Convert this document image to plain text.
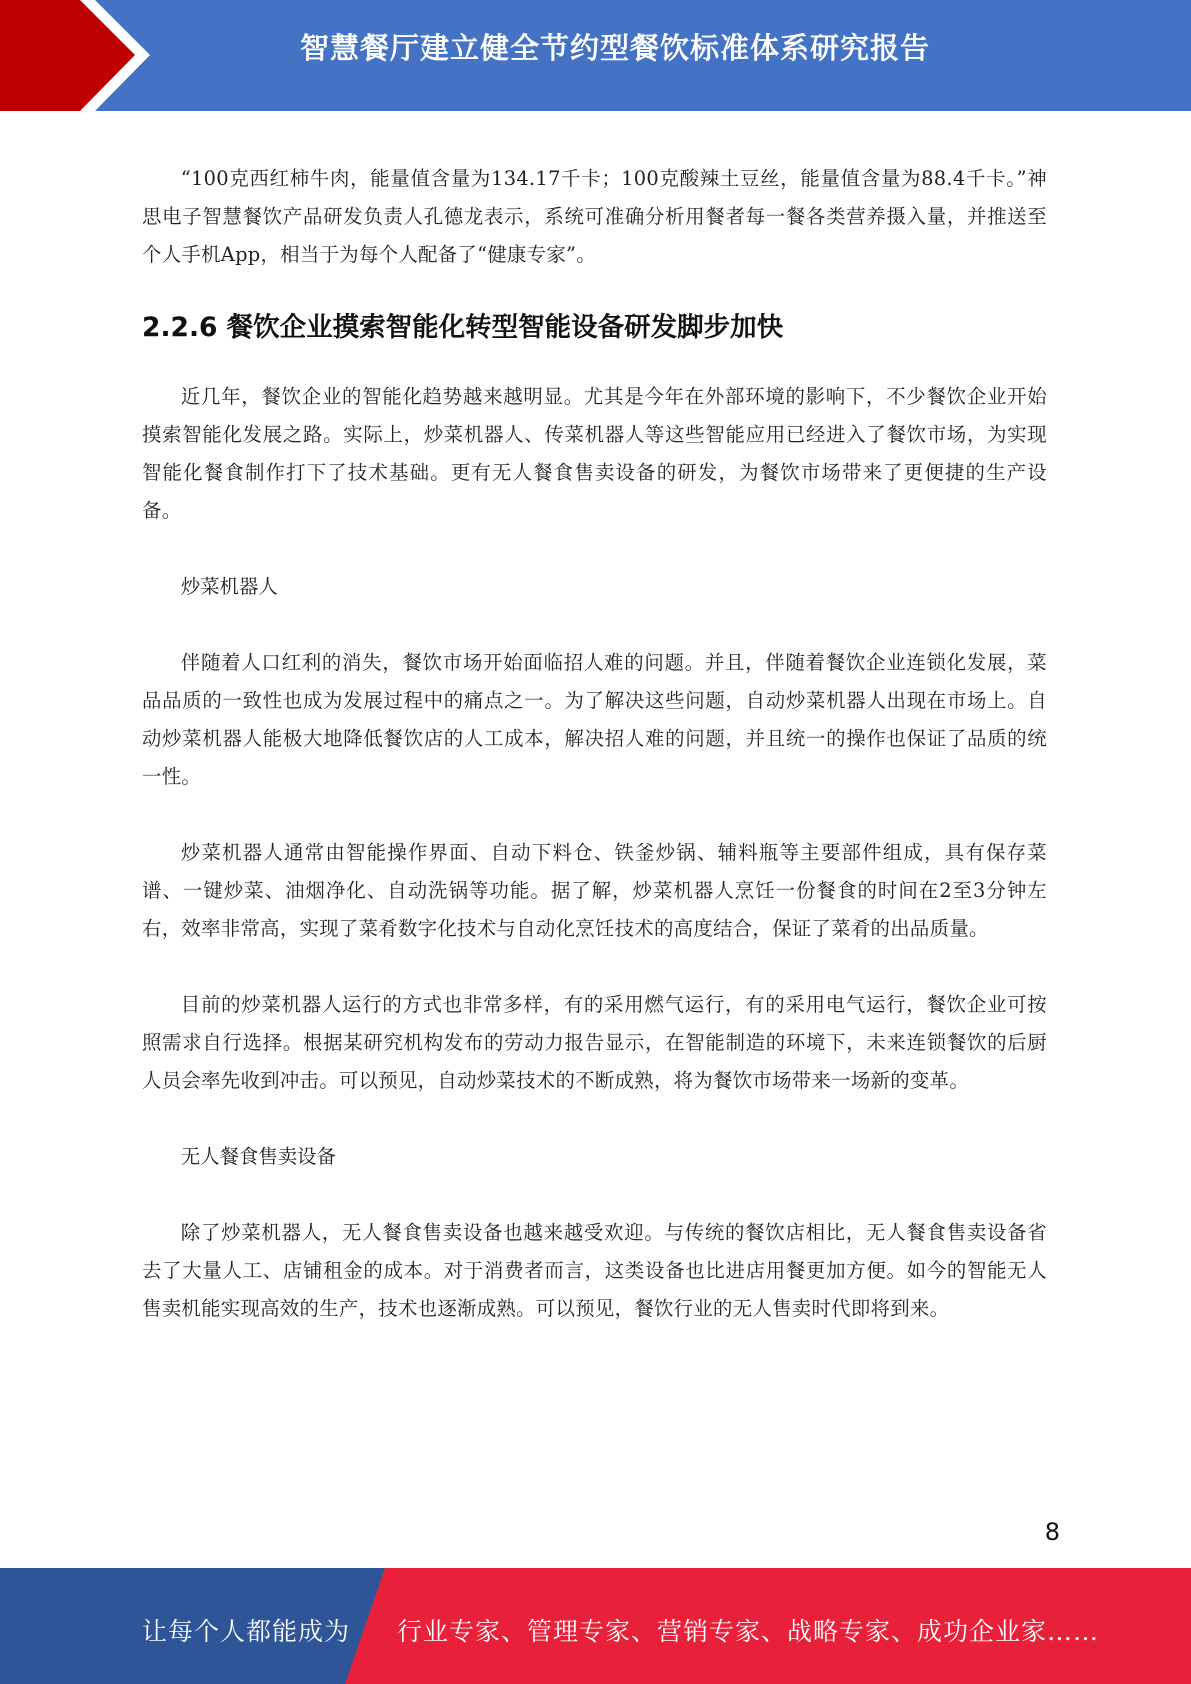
智慧餐厅建立健全节约型餐饮标准体系研究报告

“100克西红柿牛肉，能量值含量为134.17千卡；100克酸辣土豆丝，能量值含量为88.4千卡。”神思电子智慧餐饮产品研发负责人孔德龙表示，系统可准确分析用餐者每一餐各类营养摄入量，并推送至个人手机App，相当于为每个人配备了“健康专家”。

2.2.6 餐饮企业摸索智能化转型智能设备研发脚步加快

近几年，餐饮企业的智能化趋势越来越明显。尤其是今年在外部环境的影响下，不少餐饮企业开始摸索智能化发展之路。实际上，炒菜机器人、传菜机器人等这些智能应用已经进入了餐饮市场，为实现智能化餐食制作打下了技术基础。更有无人餐食售卖设备的研发，为餐饮市场带来了更便捷的生产设备。

炒菜机器人

伴随着人口红利的消失，餐饮市场开始面临招人难的问题。并且，伴随着餐饮企业连锁化发展，菜品品质的一致性也成为发展过程中的痛点之一。为了解决这些问题，自动炒菜机器人出现在市场上。自动炒菜机器人能极大地降低餐饮店的人工成本，解决招人难的问题，并且统一的操作也保证了品质的统一性。

炒菜机器人通常由智能操作界面、自动下料仓、铁釜炒锅、辅料瓶等主要部件组成，具有保存菜谱、一键炒菜、油烟净化、自动洗锅等功能。据了解，炒菜机器人烹饪一份餐食的时间在2至3分钟左右，效率非常高，实现了菜肴数字化技术与自动化烹饪技术的高度结合，保证了菜肴的出品质量。

目前的炒菜机器人运行的方式也非常多样，有的采用燃气运行，有的采用电气运行，餐饮企业可按照需求自行选择。根据某研究机构发布的劳动力报告显示，在智能制造的环境下，未来连锁餐饮的后厨人员会率先收到冲击。可以预见，自动炒菜技术的不断成熟，将为餐饮市场带来一场新的变革。

无人餐食售卖设备

除了炒菜机器人，无人餐食售卖设备也越来越受欢迎。与传统的餐饮店相比，无人餐食售卖设备省去了大量人工、店铺租金的成本。对于消费者而言，这类设备也比进店用餐更加方便。如今的智能无人售卖机能实现高效的生产，技术也逐渐成熟。可以预见，餐饮行业的无人售卖时代即将到来。

8
让每个人都能成为 行业专家、管理专家、营销专家、战略专家、成功企业家……
